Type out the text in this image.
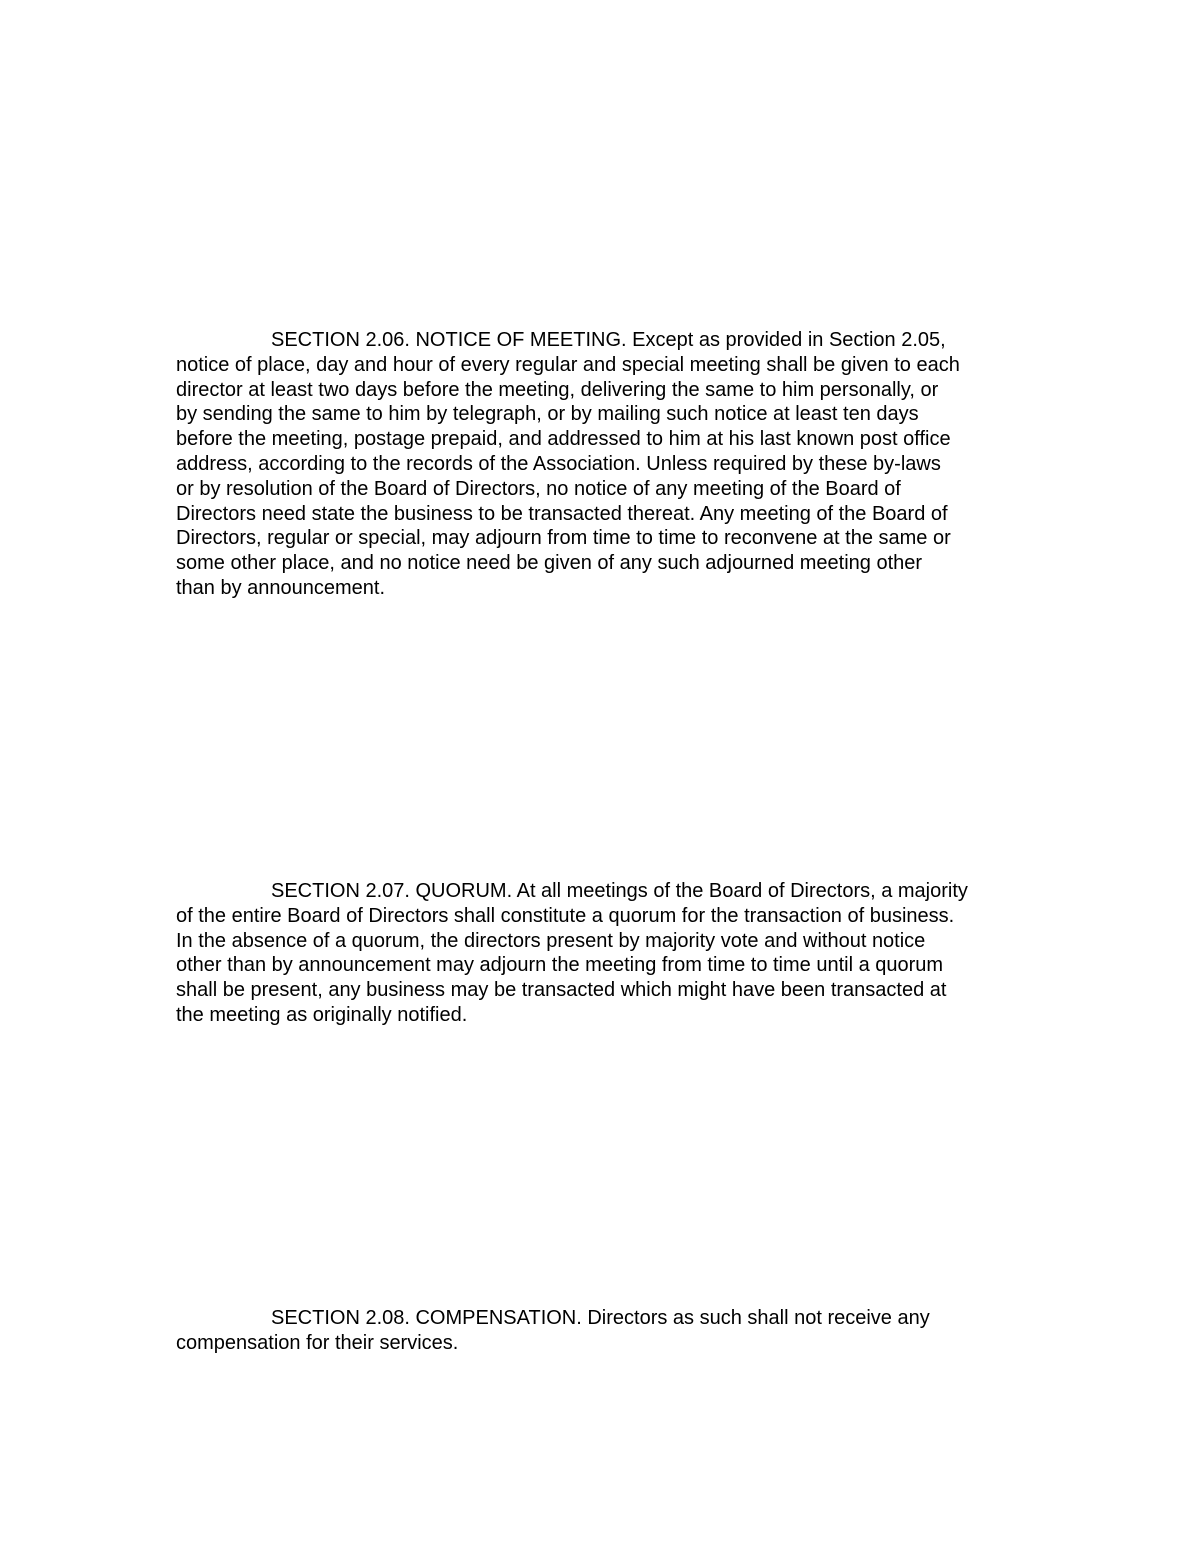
SECTION 2.06. NOTICE OF MEETING. Except as provided in Section 2.05,
notice of place, day and hour of every regular and special meeting shall be given to each
director at least two days before the meeting, delivering the same to him personally, or
by sending the same to him by telegraph, or by mailing such notice at least ten days
before the meeting, postage prepaid, and addressed to him at his last known post office
address, according to the records of the Association. Unless required by these by-laws
or by resolution of the Board of Directors, no notice of any meeting of the Board of
Directors need state the business to be transacted thereat. Any meeting of the Board of
Directors, regular or special, may adjourn from time to time to reconvene at the same or
some other place, and no notice need be given of any such adjourned meeting other
than by announcement.

SECTION 2.07. QUORUM. At all meetings of the Board of Directors, a majority
of the entire Board of Directors shall constitute a quorum for the transaction of business.
In the absence of a quorum, the directors present by majority vote and without notice
other than by announcement may adjourn the meeting from time to time until a quorum
shall be present, any business may be transacted which might have been transacted at
the meeting as originally notified.

SECTION 2.08. COMPENSATION. Directors as such shall not receive any
compensation for their services.
